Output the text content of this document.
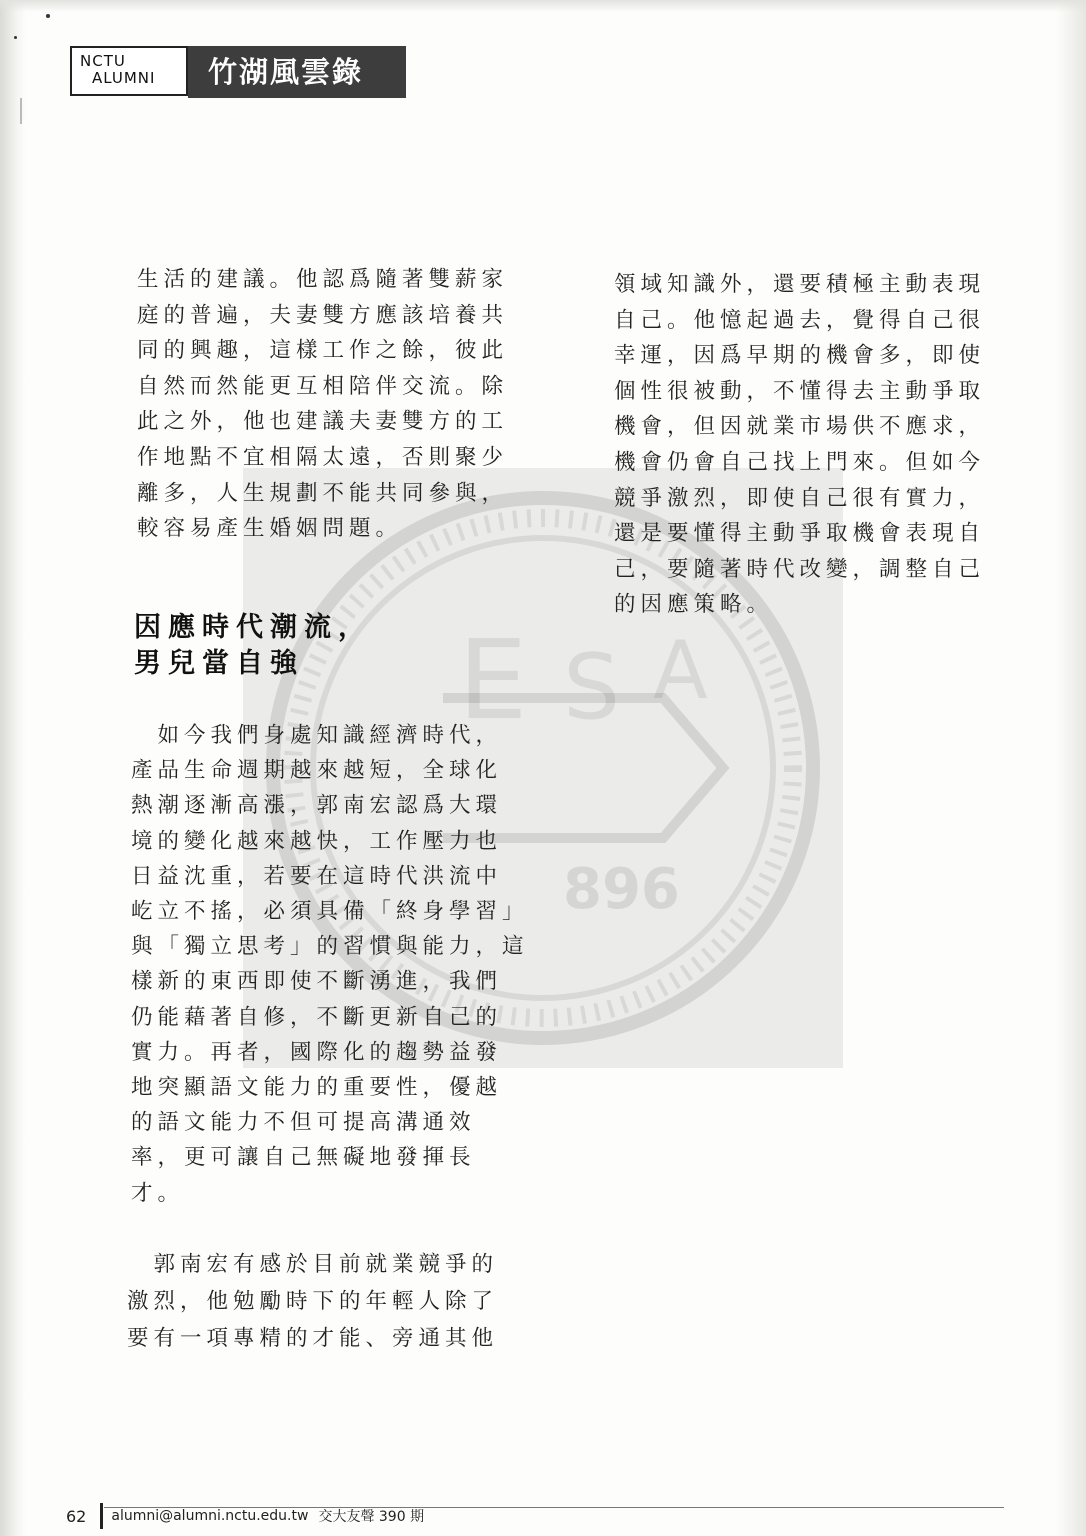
NCTU
ALUMNI	竹湖風雲錄
E S A
896

生活的建議。他認爲隨著雙薪家

庭的普遍，夫妻雙方應該培養共

同的興趣，這樣工作之餘，彼此

自然而然能更互相陪伴交流。除

此之外，他也建議夫妻雙方的工

作地點不宜相隔太遠，否則聚少

離多，人生規劃不能共同參與，

較容易產生婚姻問題。

因應時代潮流，

男兒當自強

　如今我們身處知識經濟時代，

產品生命週期越來越短，全球化

熱潮逐漸高漲，郭南宏認爲大環

境的變化越來越快，工作壓力也

日益沈重，若要在這時代洪流中

屹立不搖，必須具備「終身學習」

與「獨立思考」的習慣與能力，這

樣新的東西即使不斷湧進，我們

仍能藉著自修，不斷更新自己的

實力。再者，國際化的趨勢益發

地突顯語文能力的重要性，優越

的語文能力不但可提高溝通效

率，更可讓自己無礙地發揮長

才。

　郭南宏有感於目前就業競爭的

激烈，他勉勵時下的年輕人除了

要有一項專精的才能、旁通其他

領域知識外，還要積極主動表現

自己。他憶起過去，覺得自己很

幸運，因爲早期的機會多，即使

個性很被動，不懂得去主動爭取

機會，但因就業市場供不應求，

機會仍會自己找上門來。但如今

競爭激烈，即使自己很有實力，

還是要懂得主動爭取機會表現自

己，要隨著時代改變，調整自己

的因應策略。

62 alumni@alumni.nctu.edu.tw 交大友聲 390 期
